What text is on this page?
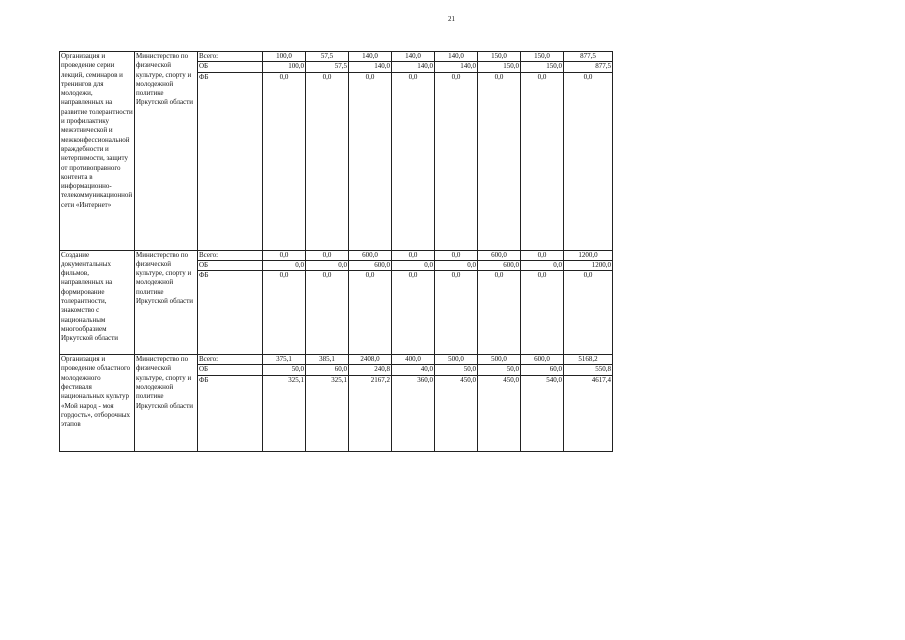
21
Организация и проведение серии лекций, семинаров и тренингов для молодежи, направленных на развитие толерантности и профилактику межэтнической и межконфессиональной враждебности и нетерпимости, защиту от противоправного контента в информационно-телекоммуникационной сети «Интернет»	Министерство по физической культуре, спорту и молодежной политике Иркутской области	Всего:	100,0	57,5	140,0	140,0	140,0	150,0	150,0	877,5
		ОБ	100,0	57,5	140,0	140,0	140,0	150,0	150,0	877,5
		ФБ	0,0	0,0	0,0	0,0	0,0	0,0	0,0	0,0
Создание документальных фильмов, направленных на формирование толерантности, знакомство с национальным многообразием Иркутской области	Министерство по физической культуре, спорту и молодежной политике Иркутской области	Всего:	0,0	0,0	600,0	0,0	0,0	600,0	0,0	1200,0
		ОБ	0,0	0,0	600,0	0,0	0,0	600,0	0,0	1200,0
		ФБ	0,0	0,0	0,0	0,0	0,0	0,0	0,0	0,0
Организация и проведение областного молодежного фестиваля национальных культур «Мой народ - моя гордость», отборочных этапов	Министерство по физической культуре, спорту и молодежной политике Иркутской области	Всего:	375,1	385,1	2408,0	400,0	500,0	500,0	600,0	5168,2
		ОБ	50,0	60,0	240,8	40,0	50,0	50,0	60,0	550,8
		ФБ	325,1	325,1	2167,2	360,0	450,0	450,0	540,0	4617,4
